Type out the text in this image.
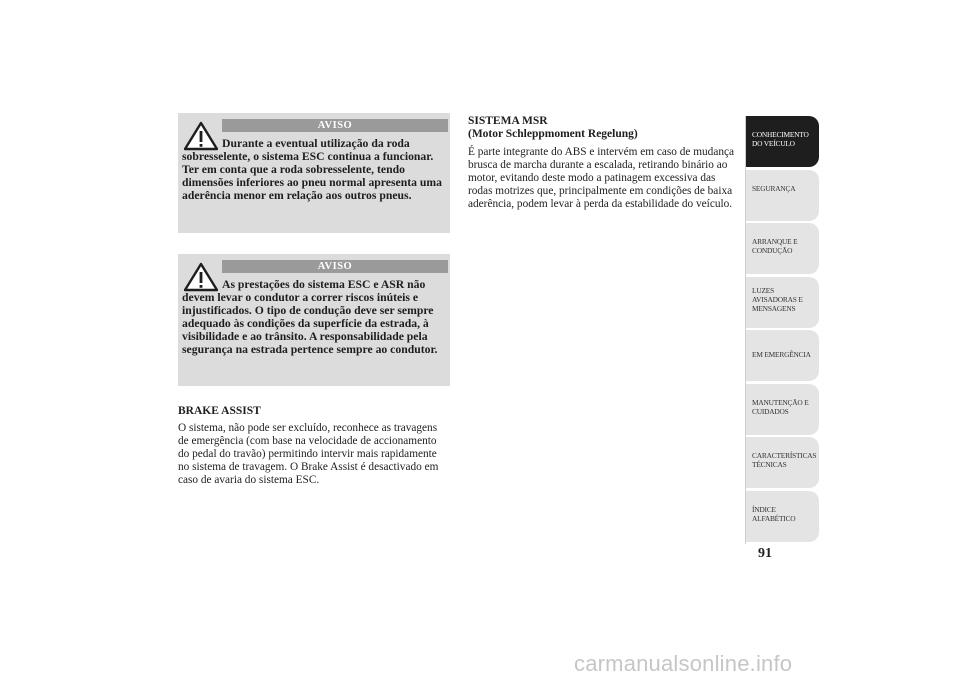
AVISO

Durante a eventual utilização da roda sobresselente, o sistema ESC continua a funcionar. Ter em conta que a roda sobresselente, tendo dimensões inferiores ao pneu normal apresenta uma aderência menor em relação aos outros pneus.

AVISO

As prestações do sistema ESC e ASR não devem levar o condutor a correr riscos inúteis e injustificados. O tipo de condução deve ser sempre adequado às condições da superfície da estrada, à visibilidade e ao trânsito. A responsabilidade pela segurança na estrada pertence sempre ao condutor.

BRAKE ASSIST
O sistema, não pode ser excluído, reconhece as travagens de emergência (com base na velocidade de accionamento do pedal do travão) permitindo intervir mais rapidamente no sistema de travagem. O Brake Assist é desactivado em caso de avaria do sistema ESC.
SISTEMA MSR
(Motor Schleppmoment Regelung)
É parte integrante do ABS e intervém em caso de mudança brusca de marcha durante a escalada, retirando binário ao motor, evitando deste modo a patinagem excessiva das rodas motrizes que, principalmente em condições de baixa aderência, podem levar à perda da estabilidade do veículo.
CONHECIMENTO
DO VEÍCULO
SEGURANÇA
ARRANQUE E
CONDUÇÃO
LUZES
AVISADORAS E
MENSAGENS
EM EMERGÊNCIA
MANUTENÇÃO E
CUIDADOS
CARACTERÍSTICAS
TÉCNICAS
ÍNDICE
ALFABÉTICO
91
carmanualsonline.info
